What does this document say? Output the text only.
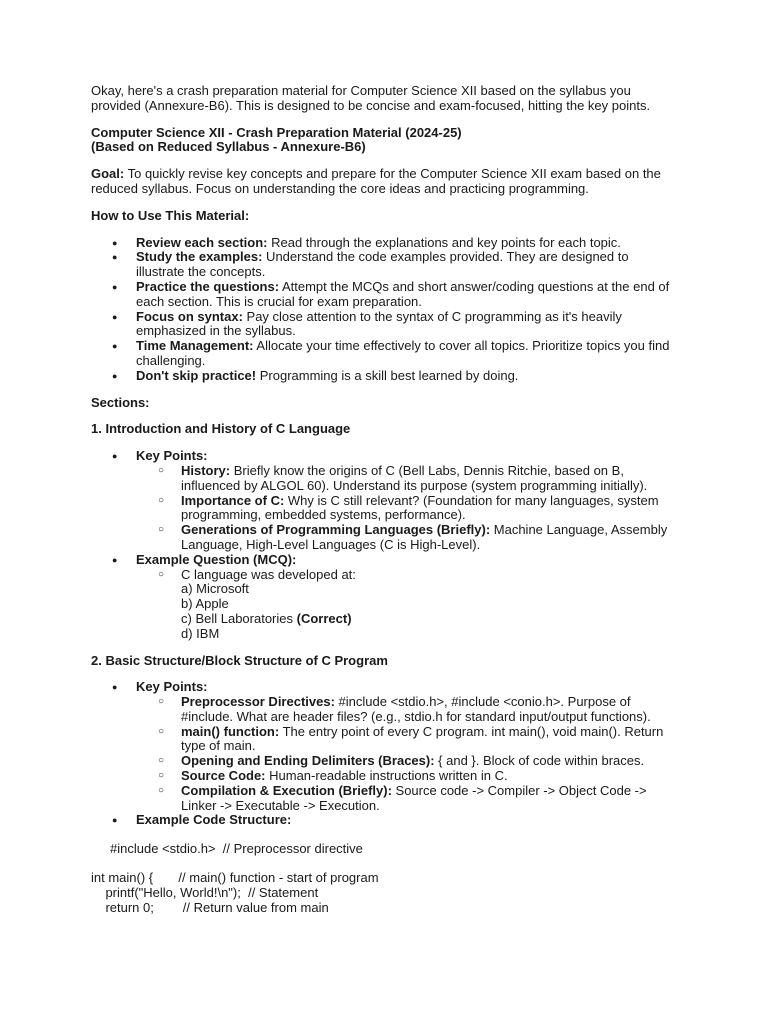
Okay, here's a crash preparation material for Computer Science XII based on the syllabus you provided (Annexure-B6). This is designed to be concise and exam-focused, hitting the key points.

Computer Science XII - Crash Preparation Material (2024-25)

(Based on Reduced Syllabus - Annexure-B6)

Goal: To quickly revise key concepts and prepare for the Computer Science XII exam based on the reduced syllabus. Focus on understanding the core ideas and practicing programming.

How to Use This Material:

● Review each section: Read through the explanations and key points for each topic.
● Study the examples: Understand the code examples provided. They are designed to illustrate the concepts.
● Practice the questions: Attempt the MCQs and short answer/coding questions at the end of each section. This is crucial for exam preparation.
● Focus on syntax: Pay close attention to the syntax of C programming as it's heavily emphasized in the syllabus.
● Time Management: Allocate your time effectively to cover all topics. Prioritize topics you find challenging.
● Don't skip practice! Programming is a skill best learned by doing.

Sections:

1. Introduction and History of C Language

● Key Points:
○ History: Briefly know the origins of C (Bell Labs, Dennis Ritchie, based on B, influenced by ALGOL 60). Understand its purpose (system programming initially).
○ Importance of C: Why is C still relevant? (Foundation for many languages, system programming, embedded systems, performance).
○ Generations of Programming Languages (Briefly): Machine Language, Assembly Language, High-Level Languages (C is High-Level).
● Example Question (MCQ):
○ C language was developed at:
a) Microsoft
b) Apple
c) Bell Laboratories (Correct)
d) IBM

2. Basic Structure/Block Structure of C Program

● Key Points:
○ Preprocessor Directives: #include <stdio.h>, #include <conio.h>. Purpose of #include. What are header files? (e.g., stdio.h for standard input/output functions).
○ main() function: The entry point of every C program. int main(), void main(). Return type of main.
○ Opening and Ending Delimiters (Braces): { and }. Block of code within braces.
○ Source Code: Human-readable instructions written in C.
○ Compilation & Execution (Briefly): Source code -> Compiler -> Object Code -> Linker -> Executable -> Execution.
● Example Code Structure:
#include <stdio.h>  // Preprocessor directive
int main() {       // main() function - start of program
printf("Hello, World!\n");  // Statement
return 0;        // Return value from main
